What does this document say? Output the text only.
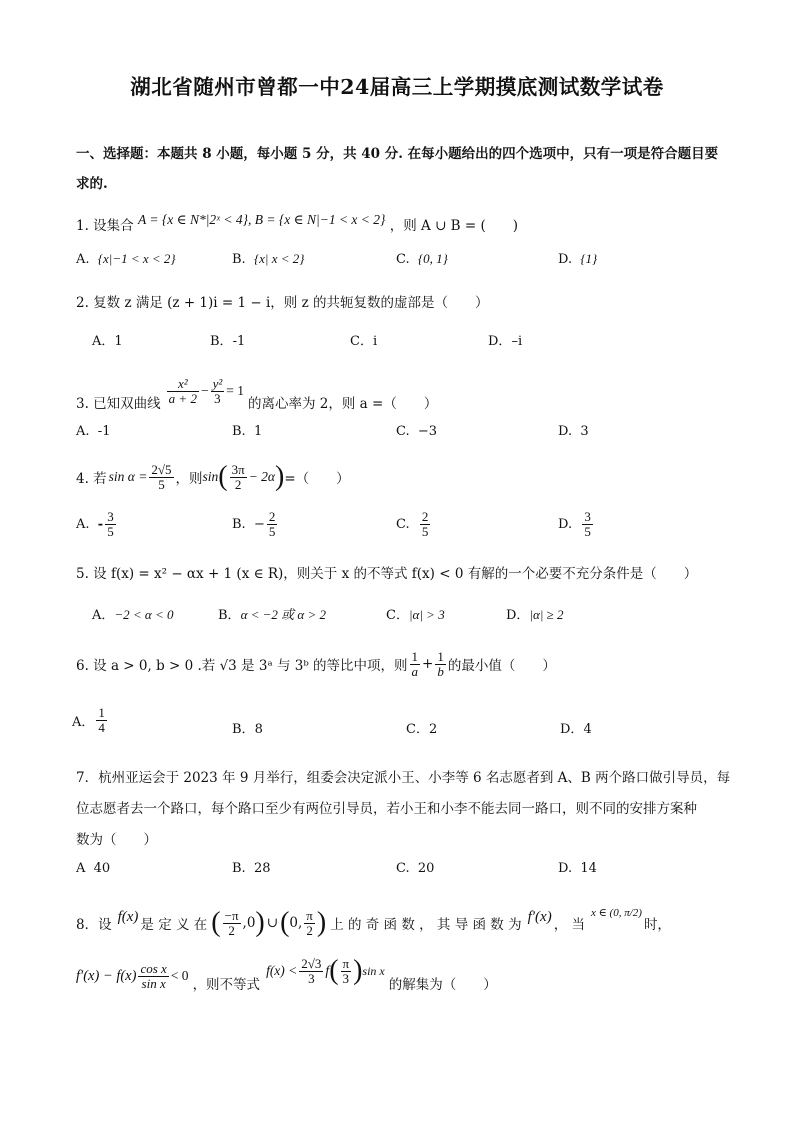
湖北省随州市曾都一中24届高三上学期摸底测试数学试卷
一、选择题：本题共 8 小题，每小题 5 分，共 40 分. 在每小题给出的四个选项中，只有一项是符合题目要
求的.
1. 设集合 A = {x ∈ N*|2ˣ < 4}, B = {x ∈ N|−1 < x < 2} ，则 A ∪ B = (　　)
A. {x|−1 < x < 2}	B. {x| x < 2}	C. {0, 1}	D. {1}
2. 复数 z 满足 (z + 1)i = 1 − i，则 z 的共轭复数的虚部是（　　）
A．1	B．-1	C．i	D．–i
3. 已知双曲线 $\frac{\text{x²}}{a + 2} - \frac{\text{y²}}{3} = 1$
的离心率为 2，则 a =（　　）
A. -1	B. 1	C. −3	D. 3
4. 若 $\sin \alpha = \frac{2√5}{5}$ ，则 sin ( $\frac{3\pi}{2} - 2\alpha$ ) =（　　）
A.
- $\frac{3}{5}$	B.
− $\frac{2}{5}$	C.
$\frac{2}{5}$	D.
$\frac{3}{5}$
5. 设 f(x) = x² − αx + 1 (x ∈ R)，则关于 x 的不等式 f(x) < 0 有解的一个必要不充分条件是（　　）
A．−2 < α < 0	B．α < −2 或 α > 2	C．|α| > 3	D．|α| ≥ 2
6. 设 a > 0, b > 0 .若 √3 是 3ᵃ 与 3ᵇ 的等比中项，则 $\frac{1}{a} + \frac{1}{b}$ 的最小值（　　）
A． $\frac{1}{4}$	B．8	C．2	D．4
7．杭州亚运会于 2023 年 9 月举行，组委会决定派小王、小李等 6 名志愿者到 A、B 两个路口做引导员，每
位志愿者去一个路口，每个路口至少有两位引导员，若小王和小李不能去同一路口，则不同的安排方案种
数为（　　）
A 40	B. 28	C. 20	D. 14
8．设
f(x)
是 定 义 在 ( $\frac{-\pi}{2}$ , 0 ) ∪ ( 0 , $\frac{\pi}{2}$ ) 上 的 奇 函 数 ， 其 导 函 数 为
f′(x)
， 当
x ∈ (0, π/2)
时，
$f'(x) - f(x) \frac{\text{cos x}}{\text{sin x}} < 0$
，则不等式
$f(x) < \frac{2√3}{3}$ f ( $\frac{\pi}{3}$ ) sin x
的解集为（　　）
